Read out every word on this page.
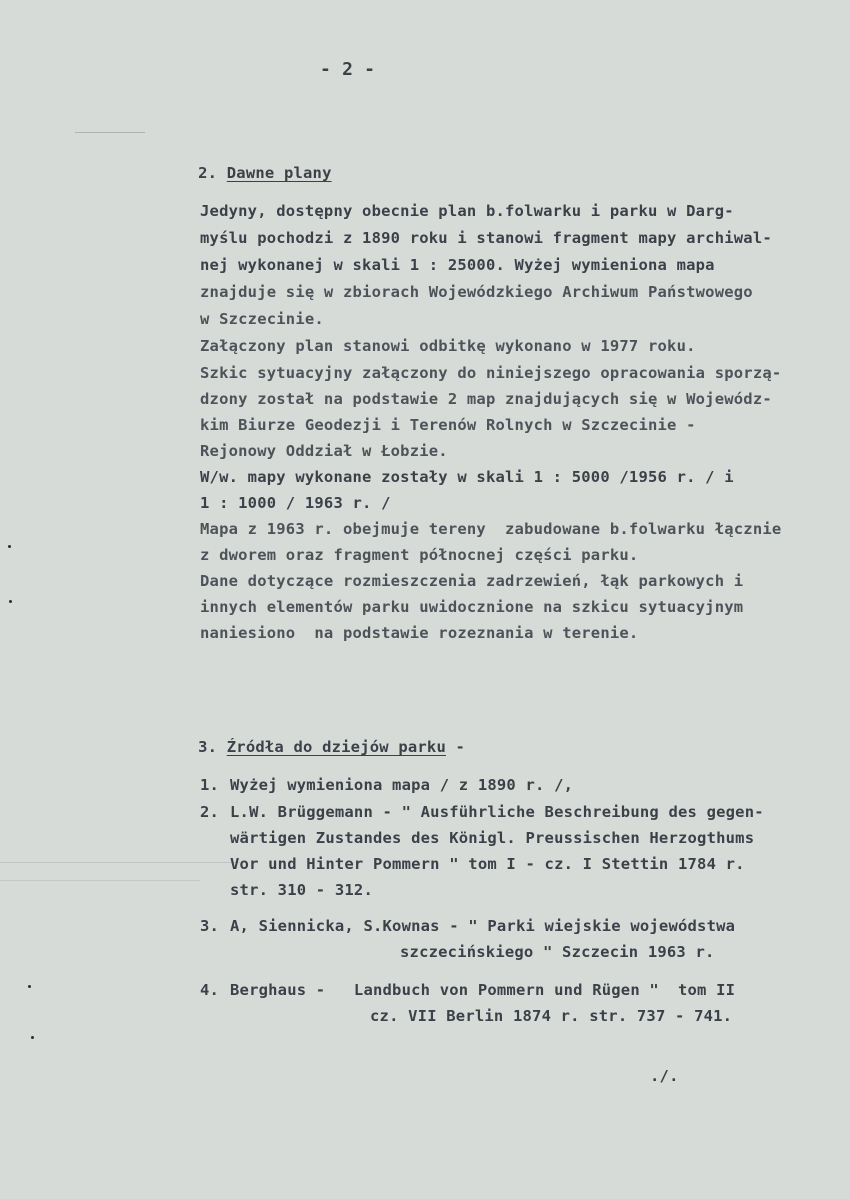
- 2 -

2. Dawne plany

Jedyny, dostępny obecnie plan b.folwarku i parku w Darg-
myślu pochodzi z 1890 roku i stanowi fragment mapy archiwal-
nej wykonanej w skali 1 : 25000. Wyżej wymieniona mapa
znajduje się w zbiorach Wojewódzkiego Archiwum Państwowego
w Szczecinie.
Załączony plan stanowi odbitkę wykonano w 1977 roku.
Szkic sytuacyjny załączony do niniejszego opracowania sporzą-
dzony został na podstawie 2 map znajdujących się w Wojewódz-
kim Biurze Geodezji i Terenów Rolnych w Szczecinie -
Rejonowy Oddział w Łobzie.
W/w. mapy wykonane zostały w skali 1 : 5000 /1956 r. / i
1 : 1000 / 1963 r. /
Mapa z 1963 r. obejmuje tereny  zabudowane b.folwarku łącznie
z dworem oraz fragment północnej części parku.
Dane dotyczące rozmieszczenia zadrzewień, łąk parkowych i
innych elementów parku uwidocznione na szkicu sytuacyjnym
naniesiono  na podstawie rozeznania w terenie.

3. Źródła do dziejów parku -

1. Wyżej wymieniona mapa / z 1890 r. /,
2. L.W. Brüggemann - " Ausführliche Beschreibung des gegen-
wärtigen Zustandes des Königl. Preussischen Herzogthums
Vor und Hinter Pommern " tom I - cz. I Stettin 1784 r.
str. 310 - 312.
3. A, Siennicka, S.Kownas - " Parki wiejskie wojewódstwa
szczecińskiego " Szczecin 1963 r.
4. Berghaus -   Landbuch von Pommern und Rügen "  tom II
cz. VII Berlin 1874 r. str. 737 - 741.
./.
